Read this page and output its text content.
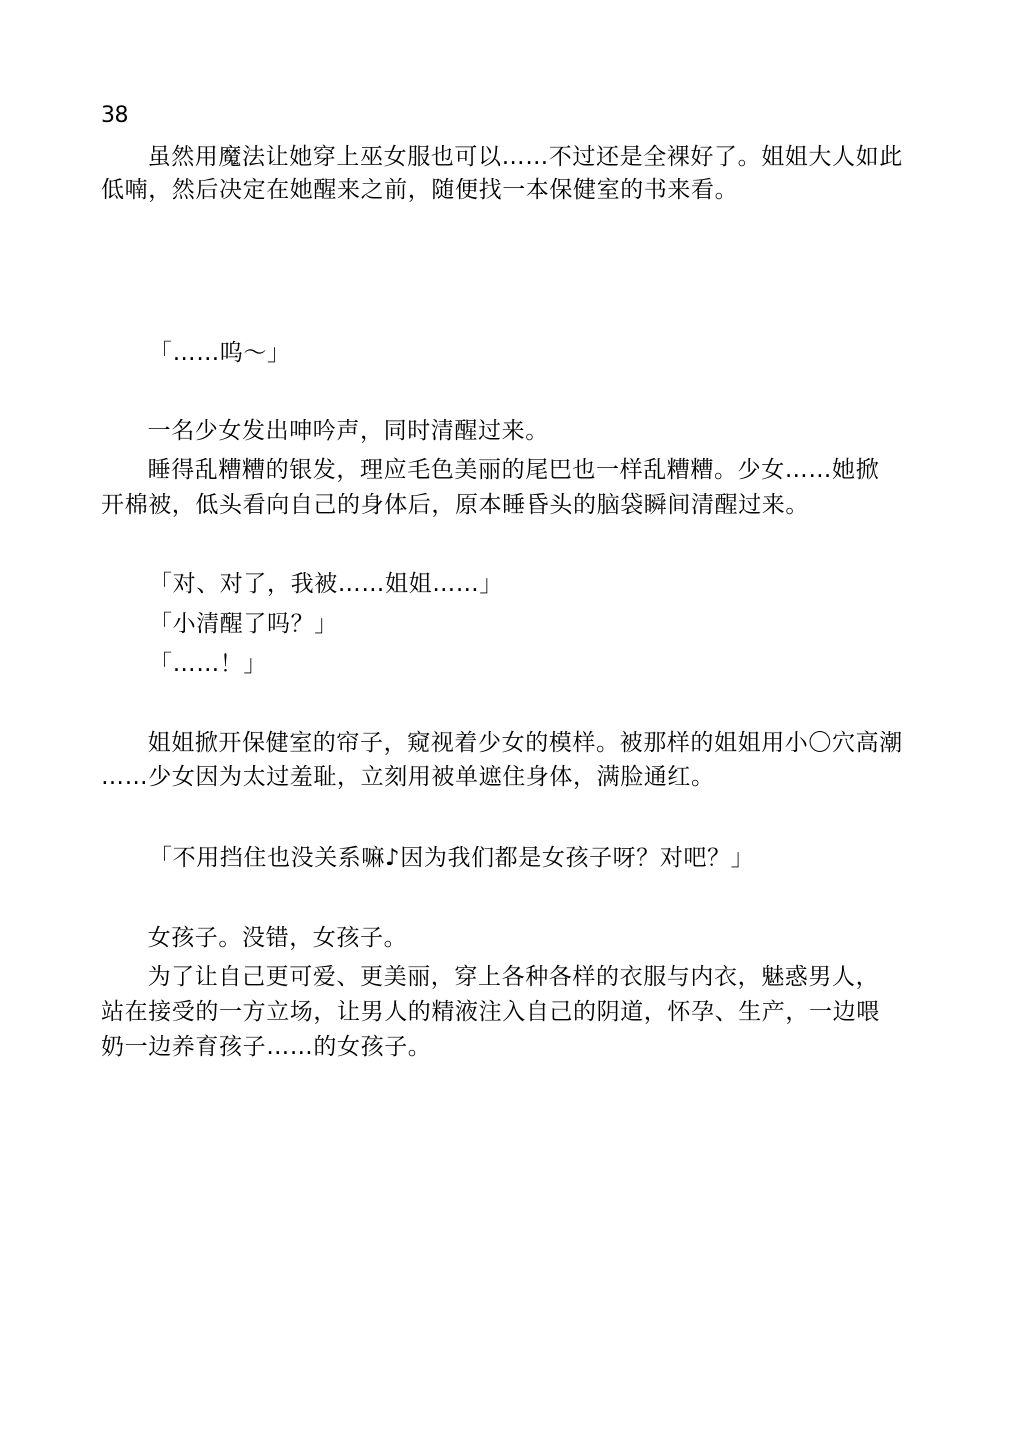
38
　虽然用魔法让她穿上巫女服也可以……不过还是全裸好了。姐姐大人如此
低喃，然后决定在她醒来之前，随便找一本保健室的书来看。
「……呜～」
　一名少女发出呻吟声，同时清醒过来。
　睡得乱糟糟的银发，理应毛色美丽的尾巴也一样乱糟糟。少女……她掀
开棉被，低头看向自己的身体后，原本睡昏头的脑袋瞬间清醒过来。
「对、对了，我被……姐姐……」
「小清醒了吗？」
「……！」
　姐姐掀开保健室的帘子，窥视着少女的模样。被那样的姐姐用小〇穴高潮
……少女因为太过羞耻，立刻用被单遮住身体，满脸通红。
「不用挡住也没关系嘛♪因为我们都是女孩子呀？对吧？」
　女孩子。没错，女孩子。
　为了让自己更可爱、更美丽，穿上各种各样的衣服与内衣，魅惑男人，
站在接受的一方立场，让男人的精液注入自己的阴道，怀孕、生产，一边喂
奶一边养育孩子……的女孩子。
